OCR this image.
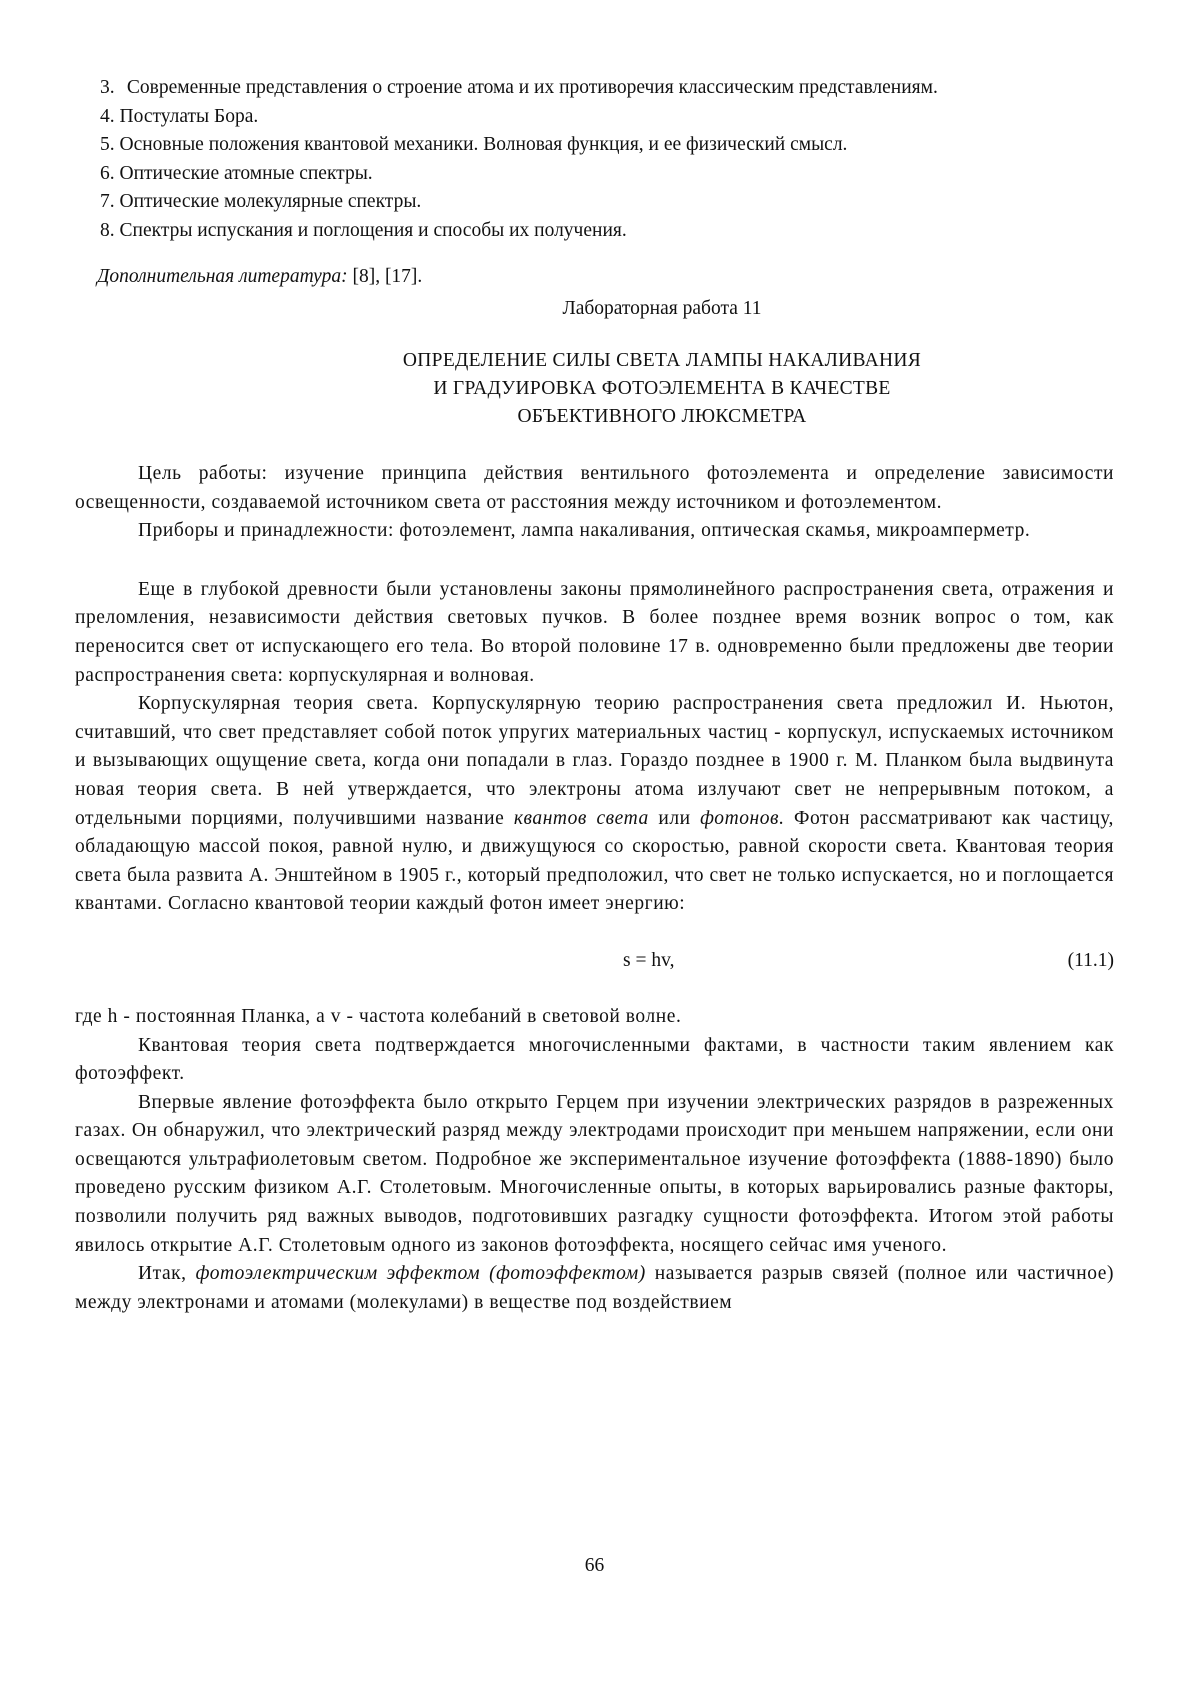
3. Современные представления о строение атома и их противоречия классическим представлениям.

4. Постулаты Бора.

5. Основные положения квантовой механики. Волновая функция, и ее физический смысл.

6. Оптические атомные спектры.

7. Оптические молекулярные спектры.

8. Спектры испускания и поглощения и способы их получения.

Дополнительная литература: [8], [17].
Лабораторная работа 11
ОПРЕДЕЛЕНИЕ СИЛЫ СВЕТА ЛАМПЫ НАКАЛИВАНИЯ
И ГРАДУИРОВКА ФОТОЭЛЕМЕНТА В КАЧЕСТВЕ
ОБЪЕКТИВНОГО ЛЮКСМЕТРА

Цель работы: изучение принципа действия вентильного фотоэлемента и определение зависимости освещенности, создаваемой источником света от расстояния между источником и фотоэлементом.

Приборы и принадлежности: фотоэлемент, лампа накаливания, оптическая скамья, микроамперметр.

Еще в глубокой древности были установлены законы прямолинейного распространения света, отражения и преломления, независимости действия световых пучков. В более позднее время возник вопрос о том, как переносится свет от испускающего его тела. Во второй половине 17 в. одновременно были предложены две теории распространения света: корпускулярная и волновая.

Корпускулярная теория света. Корпускулярную теорию распространения света предложил И. Ньютон, считавший, что свет представляет собой поток упругих материальных частиц - корпускул, испускаемых источником и вызывающих ощущение света, когда они попадали в глаз. Гораздо позднее в 1900 г. М. Планком была выдвинута новая теория света. В ней утверждается, что электроны атома излучают свет не непрерывным потоком, а отдельными порциями, получившими название квантов света или фотонов. Фотон рассматривают как частицу, обладающую массой покоя, равной нулю, и движущуюся со скоростью, равной скорости света. Квантовая теория света была развита А. Энштейном в 1905 г., который предположил, что свет не только испускается, но и поглощается квантами. Согласно квантовой теории каждый фотон имеет энергию:

s = hv,	(11.1)

где h - постоянная Планка, а v - частота колебаний в световой волне.

Квантовая теория света подтверждается многочисленными фактами, в частности таким явлением как фотоэффект.

Впервые явление фотоэффекта было открыто Герцем при изучении электрических разрядов в разреженных газах. Он обнаружил, что электрический разряд между электродами происходит при меньшем напряжении, если они освещаются ультрафиолетовым светом. Подробное же экспериментальное изучение фотоэффекта (1888-1890) было проведено русским физиком А.Г. Столетовым. Многочисленные опыты, в которых варьировались разные факторы, позволили получить ряд важных выводов, подготовивших разгадку сущности фотоэффекта. Итогом этой работы явилось открытие А.Г. Столетовым одного из законов фотоэффекта, носящего сейчас имя ученого.

Итак, фотоэлектрическим эффектом (фотоэффектом) называется разрыв связей (полное или частичное) между электронами и атомами (молекулами) в веществе под воздействием

66
